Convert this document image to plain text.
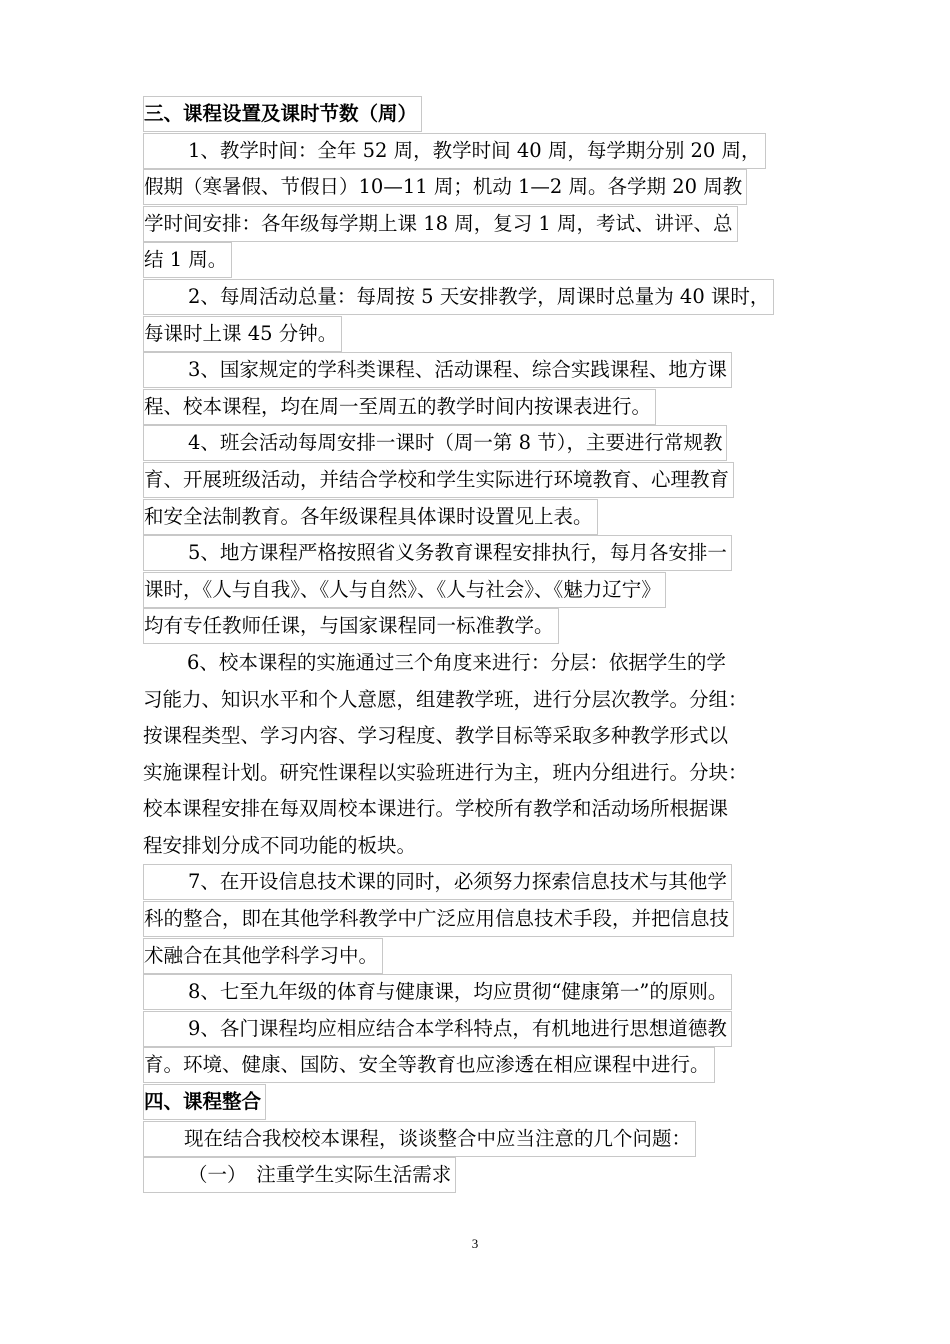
三、课程设置及课时节数（周）
1、教学时间：全年 52 周，教学时间 40 周，每学期分别 20 周，
假期（寒暑假、节假日）10—11 周；机动 1—2 周。各学期 20 周教
学时间安排：各年级每学期上课 18 周，复习 1 周，考试、讲评、总
结 1 周。
2、每周活动总量：每周按 5 天安排教学，周课时总量为 40 课时，
每课时上课 45 分钟。
3、国家规定的学科类课程、活动课程、综合实践课程、地方课
程、校本课程，均在周一至周五的教学时间内按课表进行。
4、班会活动每周安排一课时（周一第 8 节），主要进行常规教
育、开展班级活动，并结合学校和学生实际进行环境教育、心理教育
和安全法制教育。各年级课程具体课时设置见上表。
5、地方课程严格按照省义务教育课程安排执行，每月各安排一
课时，《人与自我》、《人与自然》、《人与社会》、《魅力辽宁》
均有专任教师任课，与国家课程同一标准教学。
6、校本课程的实施通过三个角度来进行：分层：依据学生的学
习能力、知识水平和个人意愿，组建教学班，进行分层次教学。分组：
按课程类型、学习内容、学习程度、教学目标等采取多种教学形式以
实施课程计划。研究性课程以实验班进行为主，班内分组进行。分块：
校本课程安排在每双周校本课进行。学校所有教学和活动场所根据课
程安排划分成不同功能的板块。
7、在开设信息技术课的同时，必须努力探索信息技术与其他学
科的整合，即在其他学科教学中广泛应用信息技术手段，并把信息技
术融合在其他学科学习中。
8、七至九年级的体育与健康课，均应贯彻“健康第一”的原则。
9、各门课程均应相应结合本学科特点，有机地进行思想道德教
育。环境、健康、国防、安全等教育也应渗透在相应课程中进行。
四、课程整合
现在结合我校校本课程，谈谈整合中应当注意的几个问题：
（一）　注重学生实际生活需求
3
